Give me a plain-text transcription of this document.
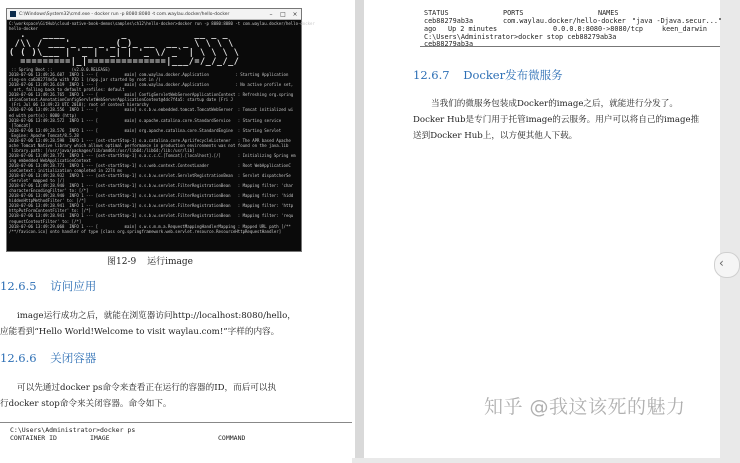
C:\Windows\System32\cmd.exe - docker run -p 8080:8080 -t com.waylau.docker/hello-docker	–	□	×
C:\workspace\GitHub\cloud-native-book-demos\samples\ch12\hello-docker>docker run -p 8080:8080 -t com.waylau.docker/hello-docker
hello-docker
.   ____          _            __ _ _
/\\ / ___'_ __ _ _(_)_ __  __ _ \ \ \ \
( ( )\___ | '_ | '_| | '_ \/ _` | \ \ \ \
=========|_|==============|___/=/_/_/_/
:: Spring Boot ::        (v2.0.0.RELEASE)
2018-07-06 13:49:26.607  INFO 1 --- [           main] com.waylau.docker.Application           : Starting Application
ring-on ca6382774e5a with PID 1 (/app.jar started by root in /)
2018-07-06 13:49:26.619  INFO 1 --- [           main] com.waylau.docker.Application           : No active profile set,
ort, falling back to default profiles: default
2018-07-06 13:49:26.765  INFO 1 --- [           main] ConfigServletWebServerApplicationContext : Refreshing org.spring
ationContext.AnnotationConfigServletWebServerApplicationContext@4dc7f4a5: startup date [Fri J
(Fri Jul 06 13:49:23 UTC 2018); root of context hierarchy
2018-07-06 13:49:28.556  INFO 1 --- [           main] o.s.b.w.embedded.tomcat.TomcatWebServer  : Tomcat initialized wi
ed with port(s): 8080 (http)
2018-07-06 13:49:28.572  INFO 1 --- [           main] o.apache.catalina.core.StandardService   : Starting service
[Tomcat]
2018-07-06 13:49:28.576  INFO 1 --- [           main] org.apache.catalina.core.StandardEngine  : Starting Servlet
Engine: Apache Tomcat/8.5.28
2018-07-06 13:49:28.598  INFO 1 --- [ost-startStop-1] o.a.catalina.core.AprLifecycleListener   : The APR based Apache
ache Tomcat Native library which allows optimal performance in production environments was not found on the java.lib
library.path: [/usr/java/packages/lib/amd64:/usr/lib64:/lib64:/lib:/usr/lib]
2018-07-06 13:49:28.771  INFO 1 --- [ost-startStop-1] o.a.c.c.C.[Tomcat].[localhost].[/]       : Initializing Spring em
ing embedded WebApplicationContext
2018-07-06 13:49:28.771  INFO 1 --- [ost-startStop-1] o.s.web.context.ContextLoader            : Root WebApplicationC
ionContext: initialization completed in 2274 ms
2018-07-06 13:49:28.932  INFO 1 --- [ost-startStop-1] o.s.b.w.servlet.ServletRegistrationBean  : Servlet dispatcherSe
rServlet' mapped to [/]
2018-07-06 13:49:28.940  INFO 1 --- [ost-startStop-1] o.s.b.w.servlet.FilterRegistrationBean   : Mapping filter: 'char
characterEncodingFilter' to: [/*]
2018-07-06 13:49:28.940  INFO 1 --- [ost-startStop-1] o.s.b.w.servlet.FilterRegistrationBean   : Mapping filter: 'hidd
hiddenHttpMethodFilter' to: [/*]
2018-07-06 13:49:28.941  INFO 1 --- [ost-startStop-1] o.s.b.w.servlet.FilterRegistrationBean   : Mapping filter: 'http
httpPutFormContentFilter' to: [/*]
2018-07-06 13:49:28.941  INFO 1 --- [ost-startStop-1] o.s.b.w.servlet.FilterRegistrationBean   : Mapping filter: 'requ
requestContextFilter' to: [/*]
2018-07-06 13:49:29.068  INFO 1 --- [           main] s.w.s.m.m.a.RequestMappingHandlerMapping : Mapped URL path [/**
/**/favicon.ico] onto handler of type [class org.springframework.web.servlet.resource.ResourceHttpRequestHandler]
图12-9 运行image
12.6.5 访问应用
image运行成功之后，就能在浏览器访问http://localhost:8080/hello，
应能看到“Hello World!Welcome to visit waylau.com!”字样的内容。
12.6.6 关闭容器
可以先通过docker ps命令来查看正在运行的容器的ID，而后可以执
行docker stop命令来关闭容器。命令如下。
C:\Users\Administrator>docker ps
CONTAINER ID	IMAGE	COMMAND
STATUS	PORTS	NAMES
ceb88279ab3a	com.waylau.docker/hello-docker "java -Djava.secur..."
ago Up 2 minutes	0.0.0.0:8080->8080/tcp	keen_darwin
C:\Users\Administrator>docker stop ceb88279ab3a
ceb88279ab3a
12.6.7 Docker发布微服务
当我们的微服务包装成Docker的image之后，就能进行分发了。
Docker Hub是专门用于托管image的云服务。用户可以将自己的image推
送到Docker Hub上，以方便其他人下载。
‹
知乎 @我这该死的魅力
